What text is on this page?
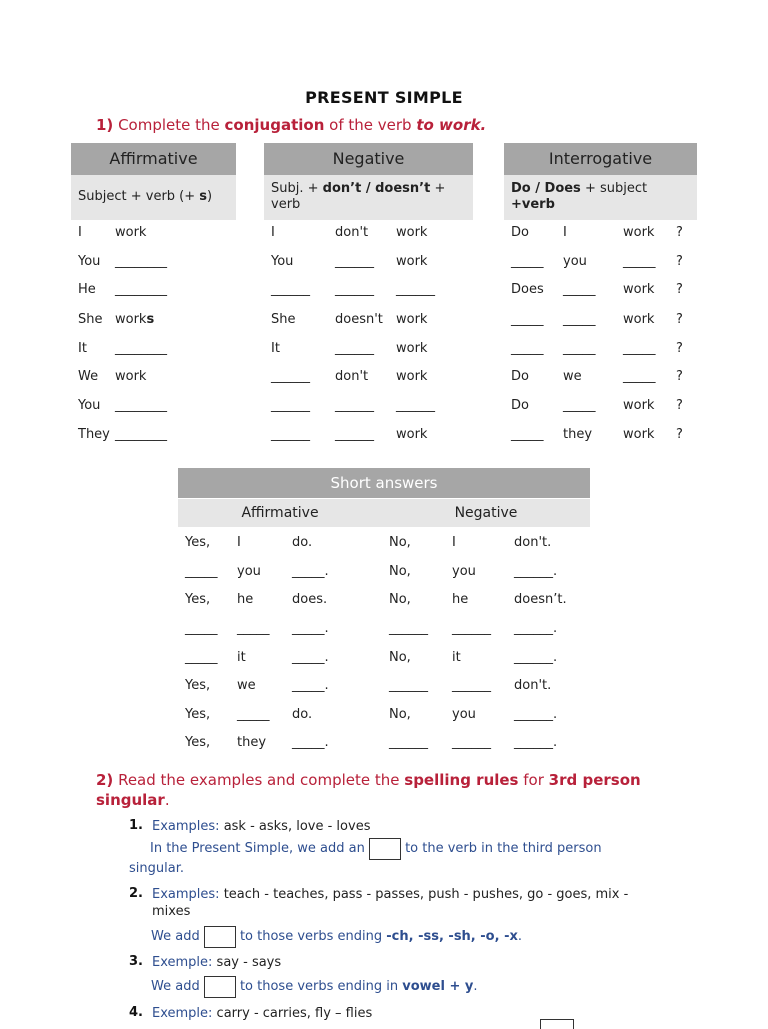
PRESENT SIMPLE
1) Complete the conjugation of the verb to work.
Affirmative
Subject + verb (+ s)
I	work
You ________
He ________
She works
It ________
We work
You ________
They ________
Negative
Subj. + don’t / doesn’t + verb
I	don't work
You	______ work
______ ______ ______
She	doesn't work
It	______ work
______ don't work
______ ______ ______
______ ______ work
Interrogative
Do / Does + subject
+verb
Do	I	work ?
_____ you	_____ ?
Does _____ work ?
_____ _____ work ?
_____ _____ _____ ?
Do	we	_____ ?
Do	_____ work ?
_____ they work ?
Short answers
Affirmative	Negative
Yes, I	do.	No,	I	don't.
_____ you _____.	No,	you	______.
Yes, he	does.	No,	he	doesn’t.
_____ _____ _____.	______ ______ ______.
_____ it	_____.	No,	it	______.
Yes, we	_____.	______ ______ don't.
Yes, _____ do.	No,	you	______.
Yes, they _____.	______ ______ ______.
2) Read the examples and complete the spelling rules for 3rd person singular.
1. Examples: ask - asks, love - loves
In the Present Simple, we add an  to the verb in the third person
singular.
2. Examples: teach - teaches, pass - passes, push - pushes, go - goes, mix -
mixes
We add  to those verbs ending -ch, -ss, -sh, -o, -x.
3. Exemple: say - says
We add  to those verbs ending in vowel + y.
4. Exemple: carry - carries, fly – flies
